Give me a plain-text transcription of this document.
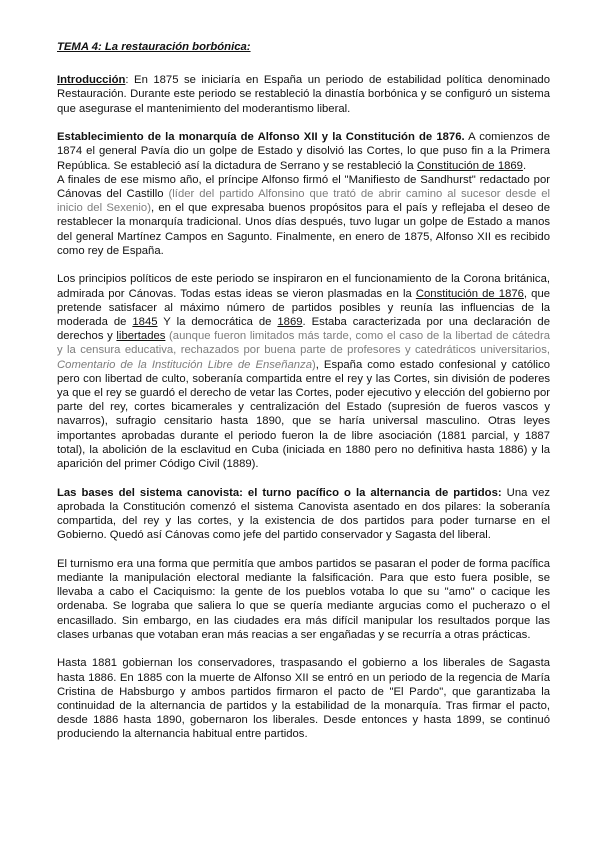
TEMA 4: La restauración borbónica:

Introducción: En 1875 se iniciaría en España un periodo de estabilidad política denominado Restauración. Durante este periodo se restableció la dinastía borbónica y se configuró un sistema que asegurase el mantenimiento del moderantismo liberal.

Establecimiento de la monarquía de Alfonso XII y la Constitución de 1876. A comienzos de 1874 el general Pavía dio un golpe de Estado y disolvió las Cortes, lo que puso fin a la Primera República. Se estableció así la dictadura de Serrano y se restableció la Constitución de 1869.

A finales de ese mismo año, el príncipe Alfonso firmó el "Manifiesto de Sandhurst" redactado por Cánovas del Castillo (líder del partido Alfonsino que trató de abrir camino al sucesor desde el inicio del Sexenio), en el que expresaba buenos propósitos para el país y reflejaba el deseo de restablecer la monarquía tradicional. Unos días después, tuvo lugar un golpe de Estado a manos del general Martínez Campos en Sagunto. Finalmente, en enero de 1875, Alfonso XII es recibido como rey de España.

Los principios políticos de este periodo se inspiraron en el funcionamiento de la Corona británica, admirada por Cánovas. Todas estas ideas se vieron plasmadas en la Constitución de 1876, que pretende satisfacer al máximo número de partidos posibles y reunía las influencias de la moderada de 1845 Y la democrática de 1869. Estaba caracterizada por una declaración de derechos y libertades (aunque fueron limitados más tarde, como el caso de la libertad de cátedra y la censura educativa, rechazados por buena parte de profesores y catedráticos universitarios, Comentario de la Institución Libre de Enseñanza), España como estado confesional y católico pero con libertad de culto, soberanía compartida entre el rey y las Cortes, sin división de poderes ya que el rey se guardó el derecho de vetar las Cortes, poder ejecutivo y elección del gobierno por parte del rey, cortes bicamerales y centralización del Estado (supresión de fueros vascos y navarros), sufragio censitario hasta 1890, que se haría universal masculino. Otras leyes importantes aprobadas durante el periodo fueron la de libre asociación (1881 parcial, y 1887 total), la abolición de la esclavitud en Cuba (iniciada en 1880 pero no definitiva hasta 1886) y la aparición del primer Código Civil (1889).

Las bases del sistema canovista: el turno pacífico o la alternancia de partidos: Una vez aprobada la Constitución comenzó el sistema Canovista asentado en dos pilares: la soberanía compartida, del rey y las cortes, y la existencia de dos partidos para poder turnarse en el Gobierno. Quedó así Cánovas como jefe del partido conservador y Sagasta del liberal.

El turnismo era una forma que permitía que ambos partidos se pasaran el poder de forma pacífica mediante la manipulación electoral mediante la falsificación. Para que esto fuera posible, se llevaba a cabo el Caciquismo: la gente de los pueblos votaba lo que su "amo" o cacique les ordenaba. Se lograba que saliera lo que se quería mediante argucias como el pucherazo o el encasillado. Sin embargo, en las ciudades era más difícil manipular los resultados porque las clases urbanas que votaban eran más reacias a ser engañadas y se recurría a otras prácticas.

Hasta 1881 gobiernan los conservadores, traspasando el gobierno a los liberales de Sagasta hasta 1886. En 1885 con la muerte de Alfonso XII se entró en un periodo de la regencia de María Cristina de Habsburgo y ambos partidos firmaron el pacto de "El Pardo", que garantizaba la continuidad de la alternancia de partidos y la estabilidad de la monarquía. Tras firmar el pacto, desde 1886 hasta 1890, gobernaron los liberales. Desde entonces y hasta 1899, se continuó produciendo la alternancia habitual entre partidos.
